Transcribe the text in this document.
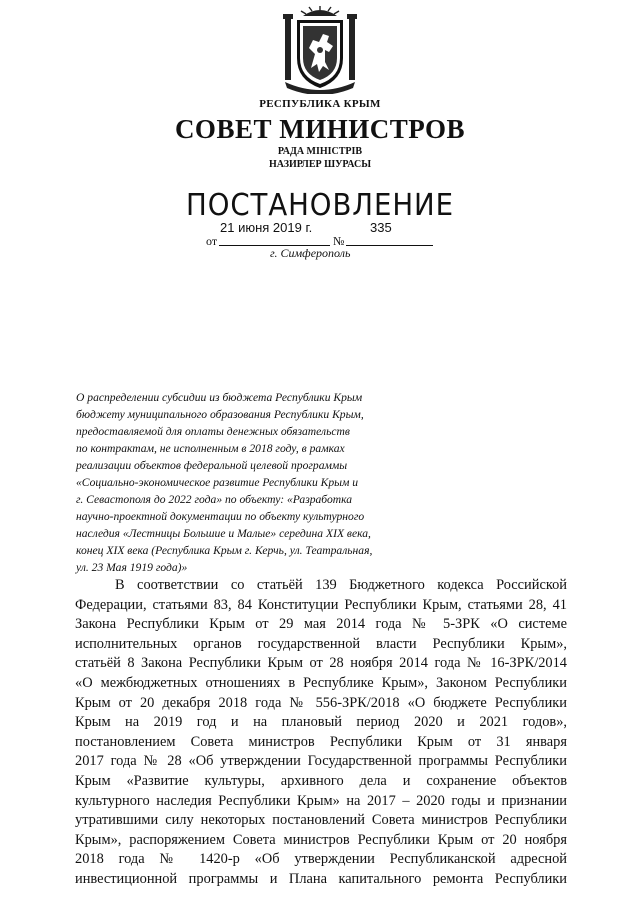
РЕСПУБЛИКА КРЫМ
СОВЕТ МИНИСТРОВ
РАДА МІНІСТРІВ
НАЗИРЛЕР ШУРАСЫ
ПОСТАНОВЛЕНИЕ
от
21 июня 2019 г.
№
335
г. Симферополь
О распределении субсидии из бюджета Республики Крым
бюджету муниципального образования Республики Крым,
предоставляемой для оплаты денежных обязательств
по контрактам, не исполненным в 2018 году, в рамках
реализации объектов федеральной целевой программы
«Социально-экономическое развитие Республики Крым и
г. Севастополя до 2022 года» по объекту: «Разработка
научно-проектной документации по объекту культурного
наследия «Лестницы Большие и Малые» середина XIX века,
конец XIX века (Республика Крым г. Керчь, ул. Театральная,
ул. 23 Мая 1919 года)»
В соответствии со статьёй 139 Бюджетного кодекса Российской
Федерации, статьями 83, 84 Конституции Республики Крым, статьями 28, 41
Закона Республики Крым от 29 мая 2014 года № 5-ЗРК «О системе
исполнительных органов государственной власти Республики Крым»,
статьёй 8 Закона Республики Крым от 28 ноября 2014 года № 16-ЗРК/2014
«О межбюджетных отношениях в Республике Крым», Законом Республики
Крым от 20 декабря 2018 года № 556-ЗРК/2018 «О бюджете Республики
Крым на 2019 год и на плановый период 2020 и 2021 годов»,
постановлением Совета министров Республики Крым от 31 января
2017 года № 28 «Об утверждении Государственной программы Республики
Крым «Развитие культуры, архивного дела и сохранение объектов
культурного наследия Республики Крым» на 2017 – 2020 годы и признании
утратившими силу некоторых постановлений Совета министров Республики
Крым», распоряжением Совета министров Республики Крым от 20 ноября
2018 года № 1420-р «Об утверждении Республиканской адресной
инвестиционной программы и Плана капитального ремонта Республики
